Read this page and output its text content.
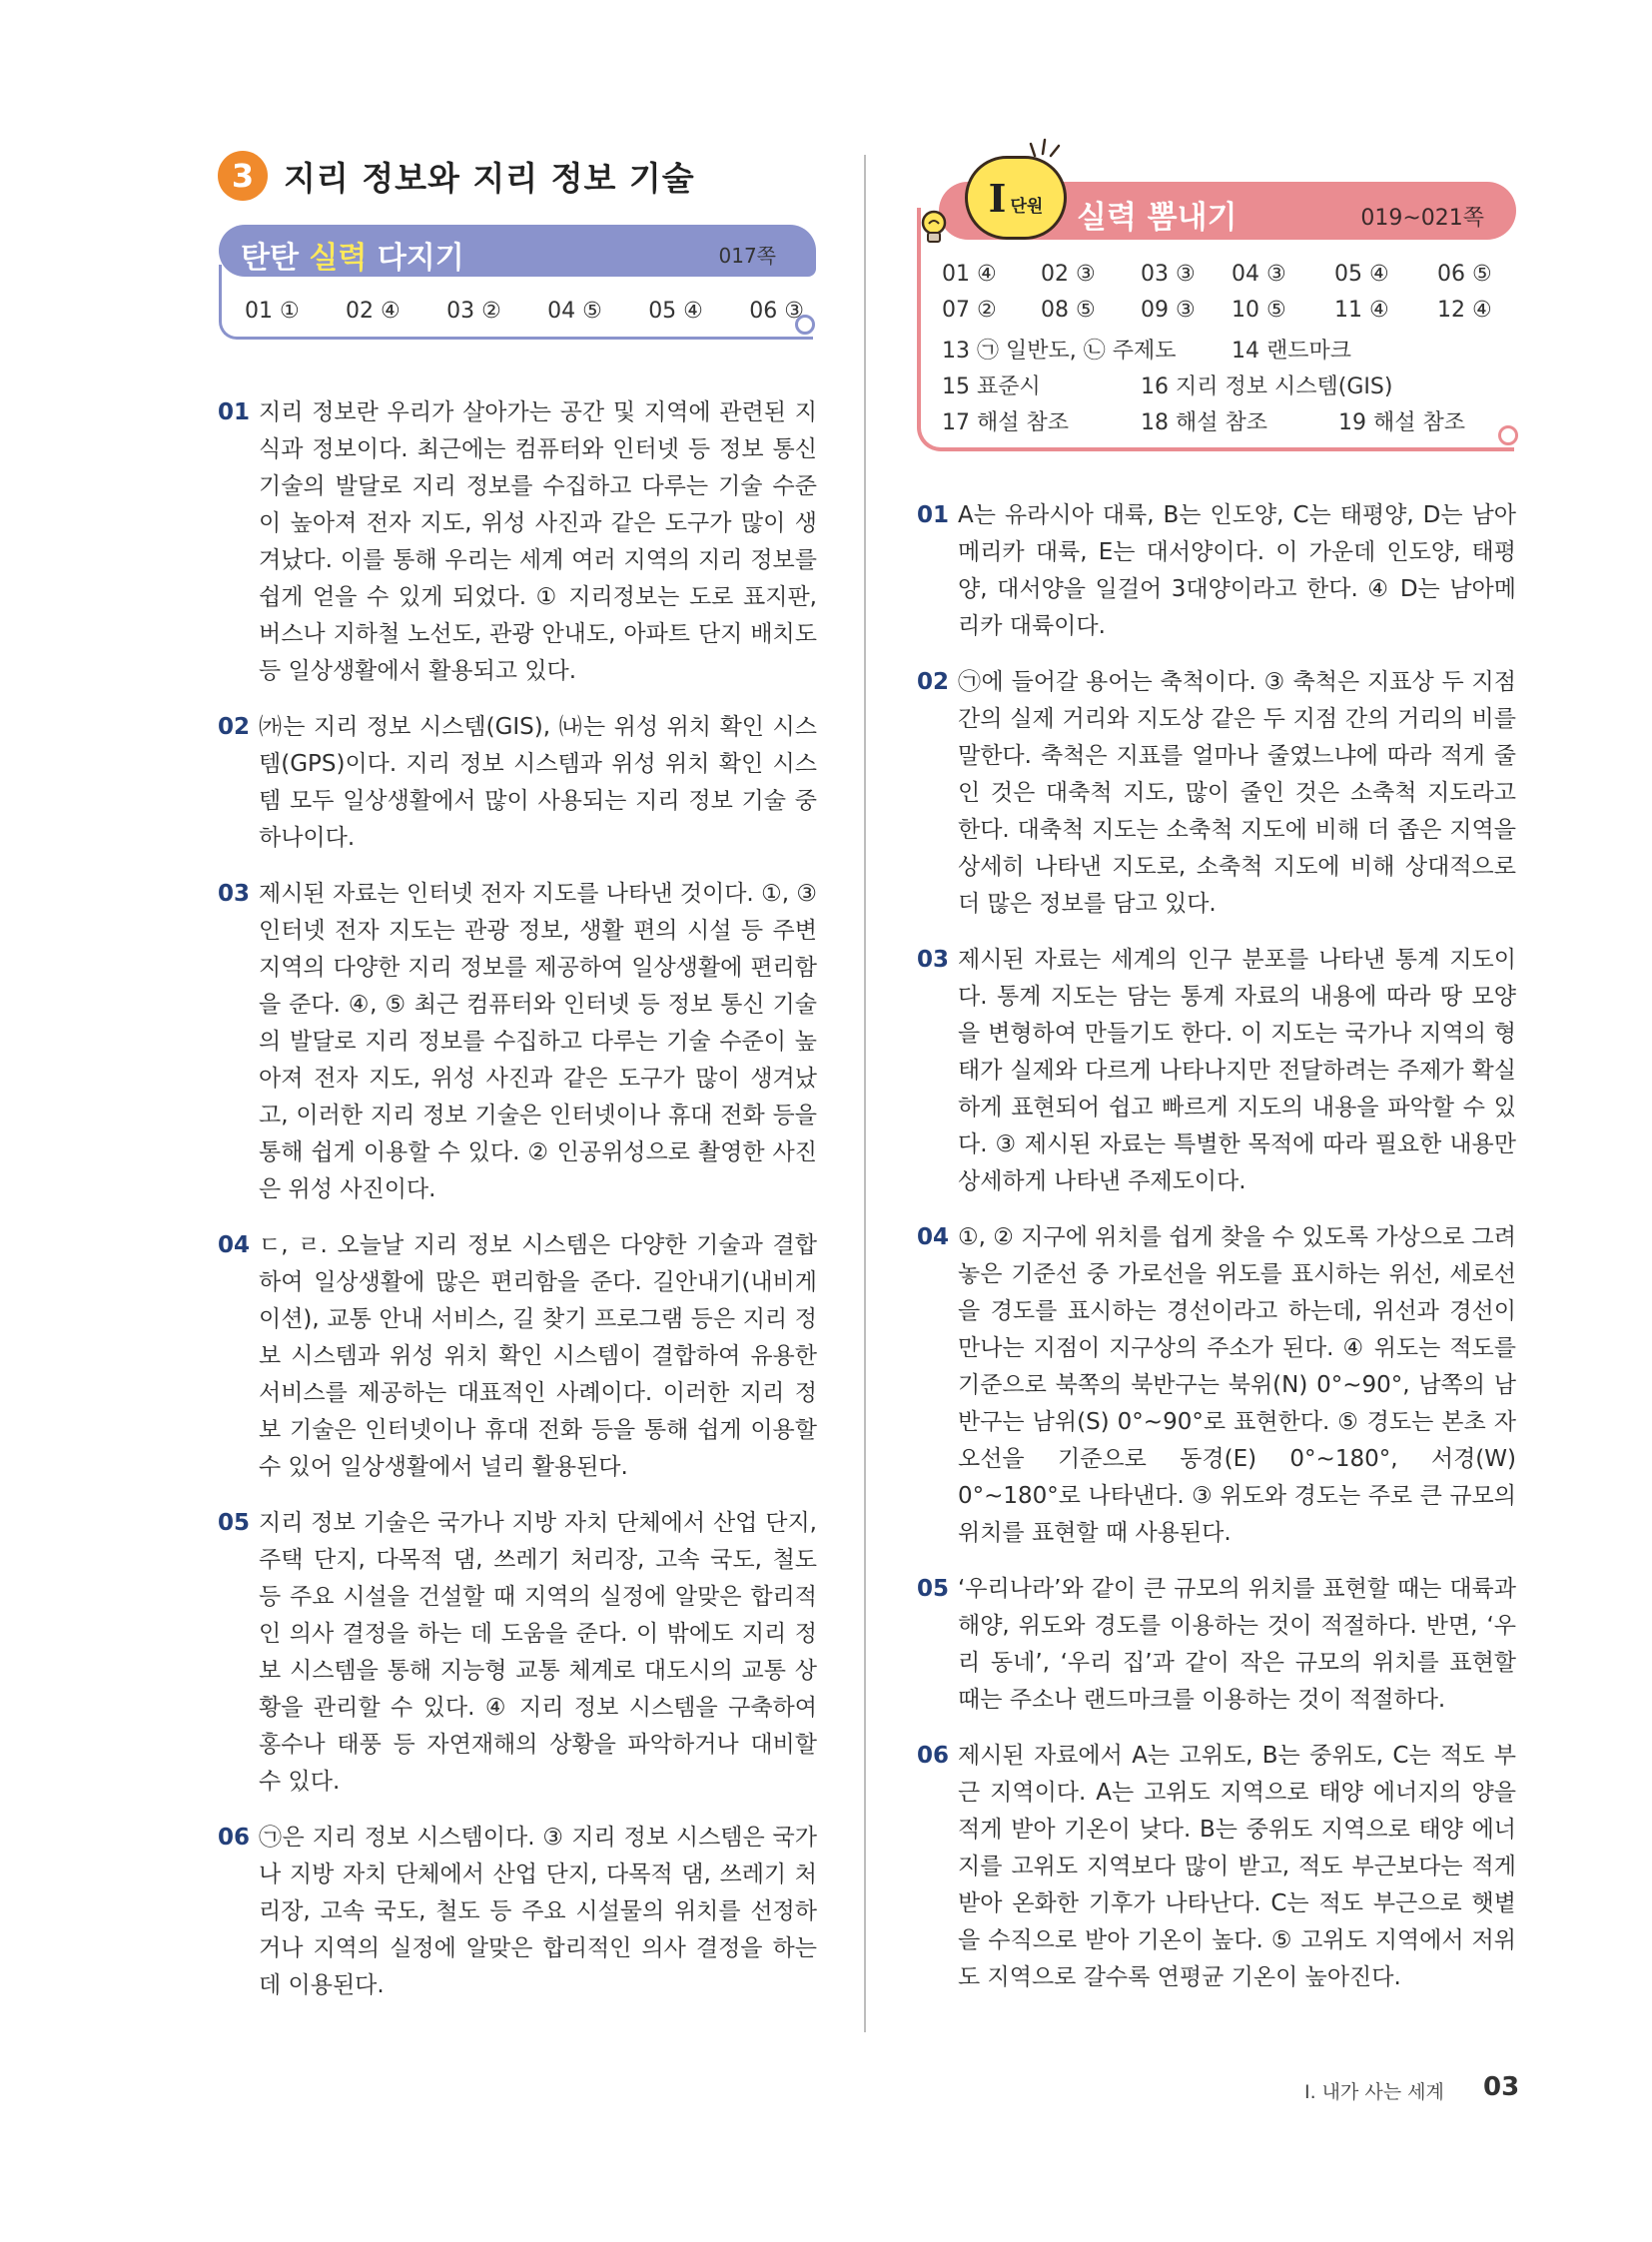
3 지리 정보와 지리 정보 기술
탄탄 실력 다지기	017쪽
01 ① 02 ④ 03 ② 04 ⑤ 05 ④ 06 ③
01 지리 정보란 우리가 살아가는 공간 및 지역에 관련된 지식과 정보이다. 최근에는 컴퓨터와 인터넷 등 정보 통신 기술의 발달로 지리 정보를 수집하고 다루는 기술 수준이 높아져 전자 지도, 위성 사진과 같은 도구가 많이 생겨났다. 이를 통해 우리는 세계 여러 지역의 지리 정보를 쉽게 얻을 수 있게 되었다. ① 지리정보는 도로 표지판, 버스나 지하철 노선도, 관광 안내도, 아파트 단지 배치도 등 일상생활에서 활용되고 있다.
02 ㈎는 지리 정보 시스템(GIS), ㈏는 위성 위치 확인 시스템(GPS)이다. 지리 정보 시스템과 위성 위치 확인 시스템 모두 일상생활에서 많이 사용되는 지리 정보 기술 중 하나이다.
03 제시된 자료는 인터넷 전자 지도를 나타낸 것이다. ①, ③ 인터넷 전자 지도는 관광 정보, 생활 편의 시설 등 주변 지역의 다양한 지리 정보를 제공하여 일상생활에 편리함을 준다. ④, ⑤ 최근 컴퓨터와 인터넷 등 정보 통신 기술의 발달로 지리 정보를 수집하고 다루는 기술 수준이 높아져 전자 지도, 위성 사진과 같은 도구가 많이 생겨났고, 이러한 지리 정보 기술은 인터넷이나 휴대 전화 등을 통해 쉽게 이용할 수 있다. ② 인공위성으로 촬영한 사진은 위성 사진이다.
04 ㄷ, ㄹ. 오늘날 지리 정보 시스템은 다양한 기술과 결합하여 일상생활에 많은 편리함을 준다. 길안내기(내비게이션), 교통 안내 서비스, 길 찾기 프로그램 등은 지리 정보 시스템과 위성 위치 확인 시스템이 결합하여 유용한 서비스를 제공하는 대표적인 사례이다. 이러한 지리 정보 기술은 인터넷이나 휴대 전화 등을 통해 쉽게 이용할 수 있어 일상생활에서 널리 활용된다.
05 지리 정보 기술은 국가나 지방 자치 단체에서 산업 단지, 주택 단지, 다목적 댐, 쓰레기 처리장, 고속 국도, 철도 등 주요 시설을 건설할 때 지역의 실정에 알맞은 합리적인 의사 결정을 하는 데 도움을 준다. 이 밖에도 지리 정보 시스템을 통해 지능형 교통 체계로 대도시의 교통 상황을 관리할 수 있다. ④ 지리 정보 시스템을 구축하여 홍수나 태풍 등 자연재해의 상황을 파악하거나 대비할 수 있다.
06 ㉠은 지리 정보 시스템이다. ③ 지리 정보 시스템은 국가나 지방 자치 단체에서 산업 단지, 다목적 댐, 쓰레기 처리장, 고속 국도, 철도 등 주요 시설물의 위치를 선정하거나 지역의 실정에 알맞은 합리적인 의사 결정을 하는 데 이용된다.
Ⅰ 단원 실력 뽐내기	019~021쪽
01 ④ 02 ③ 03 ③ 04 ③ 05 ④ 06 ⑤
07 ② 08 ⑤ 09 ③ 10 ⑤ 11 ④ 12 ④
13 ㉠ 일반도, ㉡ 주제도	14 랜드마크
15 표준시	16 지리 정보 시스템(GIS)
17 해설 참조	18 해설 참조	19 해설 참조
01 A는 유라시아 대륙, B는 인도양, C는 태평양, D는 남아메리카 대륙, E는 대서양이다. 이 가운데 인도양, 태평양, 대서양을 일걸어 3대양이라고 한다. ④ D는 남아메리카 대륙이다.
02 ㉠에 들어갈 용어는 축척이다. ③ 축척은 지표상 두 지점 간의 실제 거리와 지도상 같은 두 지점 간의 거리의 비를 말한다. 축척은 지표를 얼마나 줄였느냐에 따라 적게 줄인 것은 대축척 지도, 많이 줄인 것은 소축척 지도라고 한다. 대축척 지도는 소축척 지도에 비해 더 좁은 지역을 상세히 나타낸 지도로, 소축척 지도에 비해 상대적으로 더 많은 정보를 담고 있다.
03 제시된 자료는 세계의 인구 분포를 나타낸 통계 지도이다. 통계 지도는 담는 통계 자료의 내용에 따라 땅 모양을 변형하여 만들기도 한다. 이 지도는 국가나 지역의 형태가 실제와 다르게 나타나지만 전달하려는 주제가 확실하게 표현되어 쉽고 빠르게 지도의 내용을 파악할 수 있다. ③ 제시된 자료는 특별한 목적에 따라 필요한 내용만 상세하게 나타낸 주제도이다.
04 ①, ② 지구에 위치를 쉽게 찾을 수 있도록 가상으로 그려 놓은 기준선 중 가로선을 위도를 표시하는 위선, 세로선을 경도를 표시하는 경선이라고 하는데, 위선과 경선이 만나는 지점이 지구상의 주소가 된다. ④ 위도는 적도를 기준으로 북쪽의 북반구는 북위(N) 0°~90°, 남쪽의 남반구는 남위(S) 0°~90°로 표현한다. ⑤ 경도는 본초 자오선을 기준으로 동경(E) 0°~180°, 서경(W) 0°~180°로 나타낸다. ③ 위도와 경도는 주로 큰 규모의 위치를 표현할 때 사용된다.
05 ‘우리나라’와 같이 큰 규모의 위치를 표현할 때는 대륙과 해양, 위도와 경도를 이용하는 것이 적절하다. 반면, ‘우리 동네’, ‘우리 집’과 같이 작은 규모의 위치를 표현할 때는 주소나 랜드마크를 이용하는 것이 적절하다.
06 제시된 자료에서 A는 고위도, B는 중위도, C는 적도 부근 지역이다. A는 고위도 지역으로 태양 에너지의 양을 적게 받아 기온이 낮다. B는 중위도 지역으로 태양 에너지를 고위도 지역보다 많이 받고, 적도 부근보다는 적게 받아 온화한 기후가 나타난다. C는 적도 부근으로 햇볕을 수직으로 받아 기온이 높다. ⑤ 고위도 지역에서 저위도 지역으로 갈수록 연평균 기온이 높아진다.
Ⅰ. 내가 사는 세계 03
